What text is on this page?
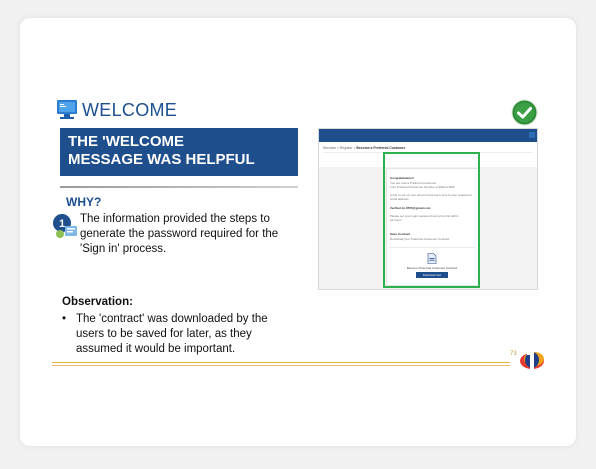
WELCOME
THE 'WELCOME
MESSAGE WAS HELPFUL
WHY?
1 The information provided the steps to generate the password required for the 'Sign in' process.
Observation:
• The 'contract' was downloaded by the users to be saved for later, as they assumed it would be important.	73
Services > Register > Become a Preferred Customer
Congratulations!
You are now a Preferred Customer
Your Preferred Customer Number is 999xxxx999
A link to set up your account has been sent to your registered
email address
Verified Jn.0555@gmail.com
Please set your login password using the link within
24 hours
Save Contract
Download your Preferred Customer Contract
Become Preferred Customer Contract
Download now
